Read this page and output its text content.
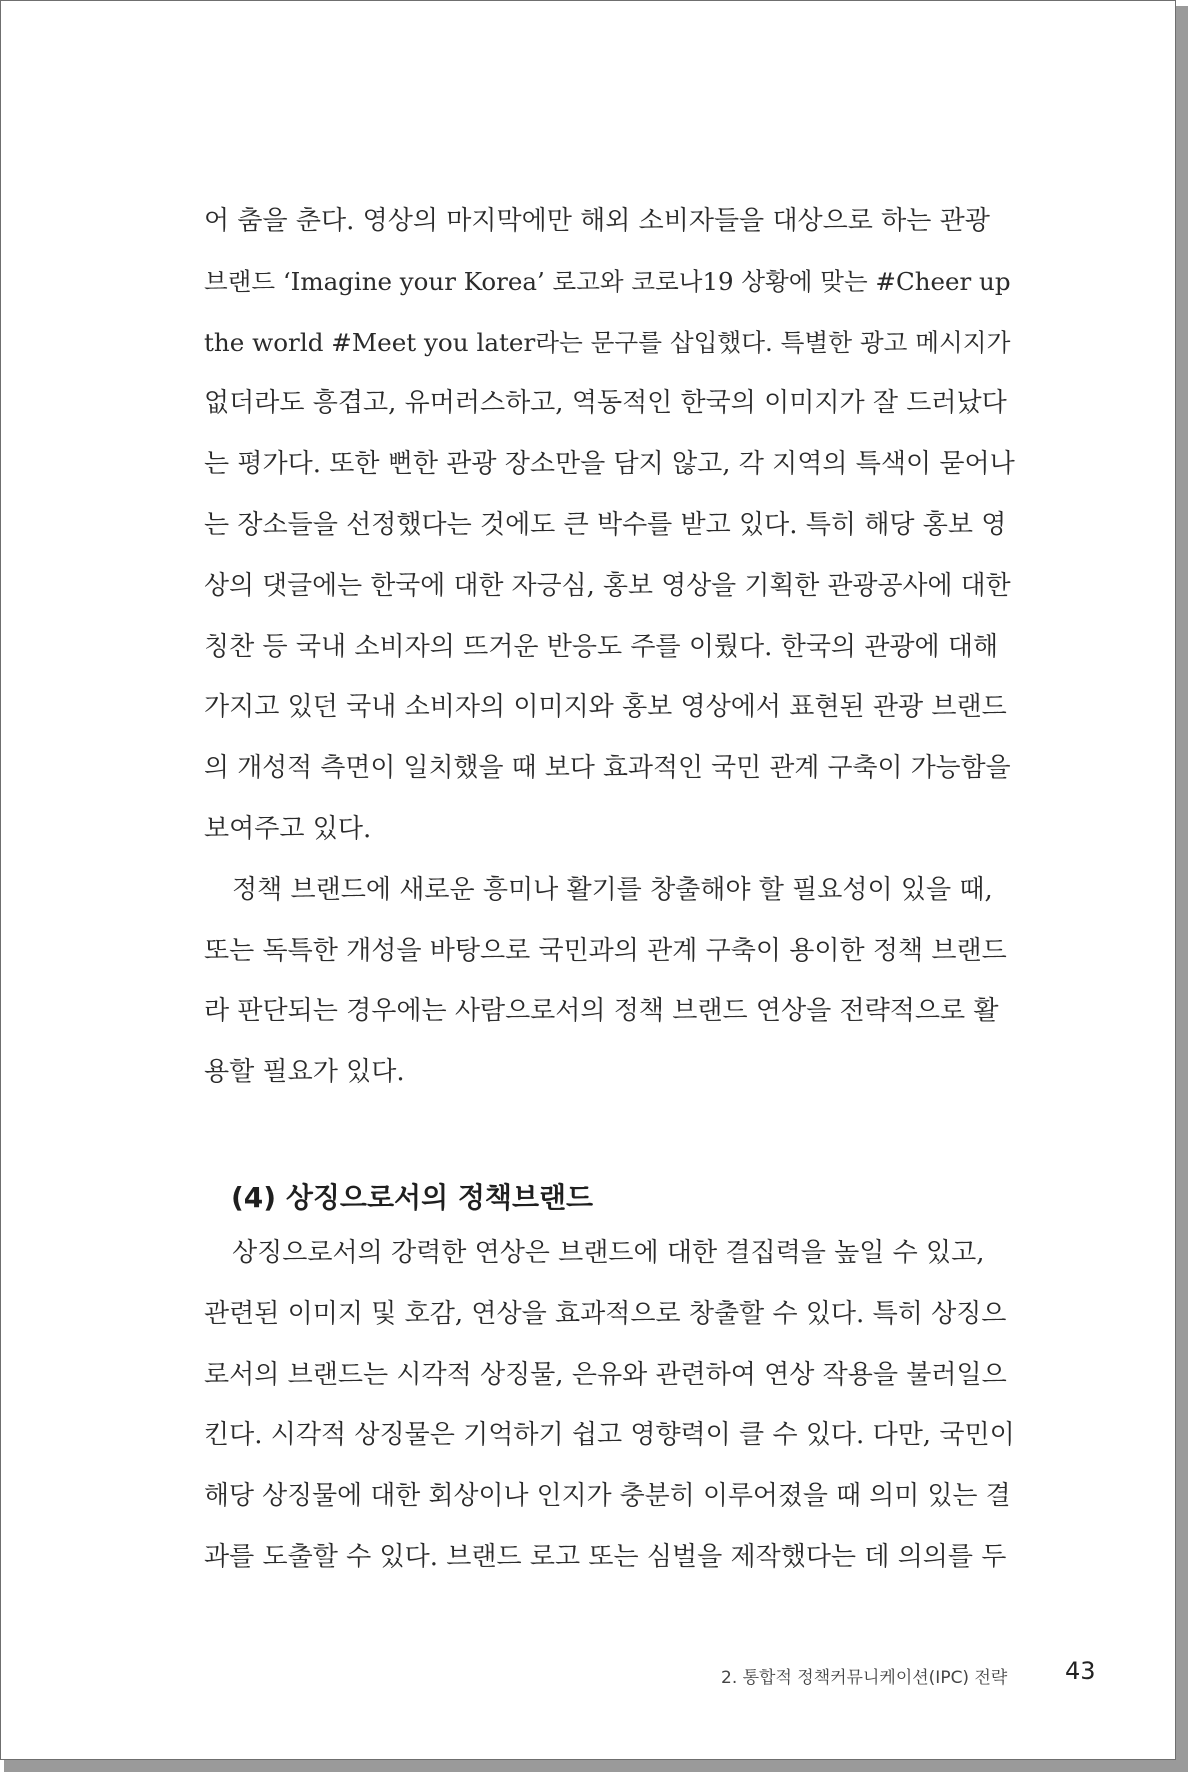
어 춤을 춘다. 영상의 마지막에만 해외 소비자들을 대상으로 하는 관광
브랜드 ‘Imagine your Korea’ 로고와 코로나19 상황에 맞는 #Cheer up
the world #Meet you later라는 문구를 삽입했다. 특별한 광고 메시지가
없더라도 흥겹고, 유머러스하고, 역동적인 한국의 이미지가 잘 드러났다
는 평가다. 또한 뻔한 관광 장소만을 담지 않고, 각 지역의 특색이 묻어나
는 장소들을 선정했다는 것에도 큰 박수를 받고 있다. 특히 해당 홍보 영
상의 댓글에는 한국에 대한 자긍심, 홍보 영상을 기획한 관광공사에 대한
칭찬 등 국내 소비자의 뜨거운 반응도 주를 이뤘다. 한국의 관광에 대해
가지고 있던 국내 소비자의 이미지와 홍보 영상에서 표현된 관광 브랜드
의 개성적 측면이 일치했을 때 보다 효과적인 국민 관계 구축이 가능함을
보여주고 있다.
정책 브랜드에 새로운 흥미나 활기를 창출해야 할 필요성이 있을 때,
또는 독특한 개성을 바탕으로 국민과의 관계 구축이 용이한 정책 브랜드
라 판단되는 경우에는 사람으로서의 정책 브랜드 연상을 전략적으로 활
용할 필요가 있다.
(4) 상징으로서의 정책브랜드
상징으로서의 강력한 연상은 브랜드에 대한 결집력을 높일 수 있고,
관련된 이미지 및 호감, 연상을 효과적으로 창출할 수 있다. 특히 상징으
로서의 브랜드는 시각적 상징물, 은유와 관련하여 연상 작용을 불러일으
킨다. 시각적 상징물은 기억하기 쉽고 영향력이 클 수 있다. 다만, 국민이
해당 상징물에 대한 회상이나 인지가 충분히 이루어졌을 때 의미 있는 결
과를 도출할 수 있다. 브랜드 로고 또는 심벌을 제작했다는 데 의의를 두
2. 통합적 정책커뮤니케이션(IPC) 전략 43
